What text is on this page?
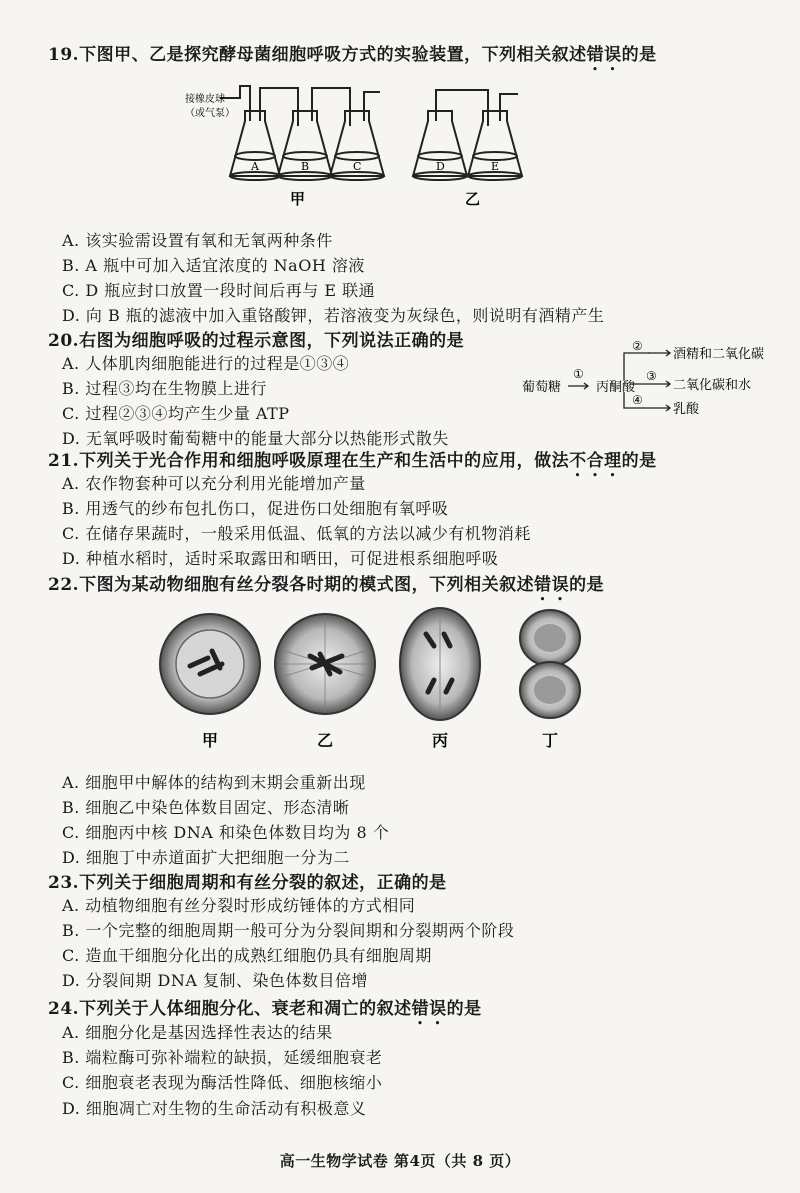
19.下图甲、乙是探究酵母菌细胞呼吸方式的实验装置，下列相关叙述错误的是
接橡皮球
（或气泵）
A	B	C	D	E
甲	乙
A. 该实验需设置有氧和无氧两种条件
B. A 瓶中可加入适宜浓度的 NaOH 溶液
C. D 瓶应封口放置一段时间后再与 E 联通
D. 向 B 瓶的滤液中加入重铬酸钾，若溶液变为灰绿色，则说明有酒精产生
20.右图为细胞呼吸的过程示意图，下列说法正确的是
A. 人体肌肉细胞能进行的过程是①③④
B. 过程③均在生物膜上进行
C. 过程②③④均产生少量 ATP
D. 无氧呼吸时葡萄糖中的能量大部分以热能形式散失
葡萄糖
①
丙酮酸
②
酒精和二氧化碳
③
二氧化碳和水
④
乳酸
21.下列关于光合作用和细胞呼吸原理在生产和生活中的应用，做法不合理的是
A. 农作物套种可以充分利用光能增加产量
B. 用透气的纱布包扎伤口，促进伤口处细胞有氧呼吸
C. 在储存果蔬时，一般采用低温、低氧的方法以减少有机物消耗
D. 种植水稻时，适时采取露田和晒田，可促进根系细胞呼吸
22.下图为某动物细胞有丝分裂各时期的模式图，下列相关叙述错误的是
甲	乙	丙	丁
A. 细胞甲中解体的结构到末期会重新出现
B. 细胞乙中染色体数目固定、形态清晰
C. 细胞丙中核 DNA 和染色体数目均为 8 个
D. 细胞丁中赤道面扩大把细胞一分为二
23.下列关于细胞周期和有丝分裂的叙述，正确的是
A. 动植物细胞有丝分裂时形成纺锤体的方式相同
B. 一个完整的细胞周期一般可分为分裂间期和分裂期两个阶段
C. 造血干细胞分化出的成熟红细胞仍具有细胞周期
D. 分裂间期 DNA 复制、染色体数目倍增
24.下列关于人体细胞分化、衰老和凋亡的叙述错误的是
A. 细胞分化是基因选择性表达的结果
B. 端粒酶可弥补端粒的缺损，延缓细胞衰老
C. 细胞衰老表现为酶活性降低、细胞核缩小
D. 细胞凋亡对生物的生命活动有积极意义
高一生物学试卷 第4页（共 8 页）
